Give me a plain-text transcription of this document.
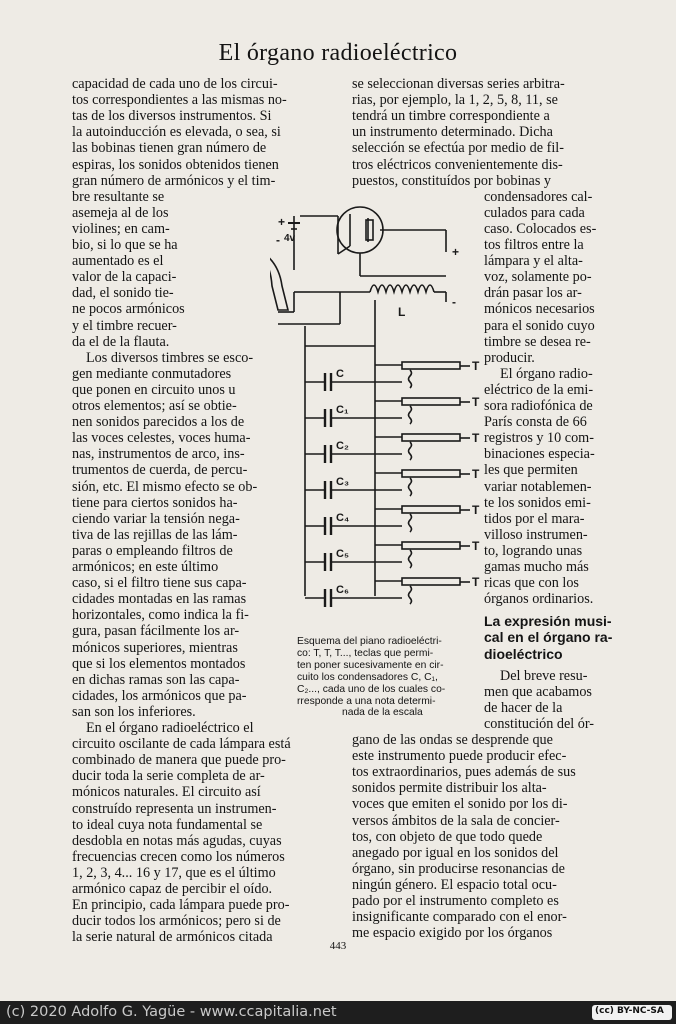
El órgano radioeléctrico
capacidad de cada uno de los circui-
tos correspondientes a las mismas no-
tas de los diversos instrumentos. Si
la autoinducción es elevada, o sea, si
las bobinas tienen gran número de
espiras, los sonidos obtenidos tienen
gran número de armónicos y el tim-
bre resultante se
asemeja al de los
violines; en cam-
bio, si lo que se ha
aumentado es el
valor de la capaci-
dad, el sonido tie-
ne pocos armónicos
y el timbre recuer-
da el de la flauta.
Los diversos timbres se esco-
gen mediante conmutadores
que ponen en circuito unos u
otros elementos; así se obtie-
nen sonidos parecidos a los de
las voces celestes, voces huma-
nas, instrumentos de arco, ins-
trumentos de cuerda, de percu-
sión, etc. El mismo efecto se ob-
tiene para ciertos sonidos ha-
ciendo variar la tensión nega-
tiva de las rejillas de las lám-
paras o empleando filtros de
armónicos; en este último
caso, si el filtro tiene sus capa-
cidades montadas en las ramas
horizontales, como indica la fi-
gura, pasan fácilmente los ar-
mónicos superiores, mientras
que si los elementos montados
en dichas ramas son las capa-
cidades, los armónicos que pa-
san son los inferiores.
En el órgano radioeléctrico el
circuito oscilante de cada lámpara está
combinado de manera que puede pro-
ducir toda la serie completa de ar-
mónicos naturales. El circuito así
construído representa un instrumen-
to ideal cuya nota fundamental se
desdobla en notas más agudas, cuyas
frecuencias crecen como los números
1, 2, 3, 4... 16 y 17, que es el último
armónico capaz de percibir el oído.
En principio, cada lámpara puede pro-
ducir todos los armónicos; pero si de
la serie natural de armónicos citada
se seleccionan diversas series arbitra-
rias, por ejemplo, la 1, 2, 5, 8, 11, se
tendrá un timbre correspondiente a
un instrumento determinado. Dicha
selección se efectúa por medio de fil-
tros eléctricos convenientemente dis-
puestos, constituídos por bobinas y
condensadores cal-
culados para cada
caso. Colocados es-
tos filtros entre la
lámpara y el alta-
voz, solamente po-
drán pasar los ar-
mónicos necesarios
para el sonido cuyo
timbre se desea re-
producir.
El órgano radio-
eléctrico de la emi-
sora radiofónica de
París consta de 66
registros y 10 com-
binaciones especia-
les que permiten
variar notablemen-
te los sonidos emi-
tidos por el mara-
villoso instrumen-
to, logrando unas
gamas mucho más
ricas que con los
órganos ordinarios.
La expresión musi-
cal en el órgano ra-
dioeléctrico
Del breve resu-
men que acabamos
de hacer de la
constitución del ór-
gano de las ondas se desprende que
este instrumento puede producir efec-
tos extraordinarios, pues además de sus
sonidos permite distribuir los alta-
voces que emiten el sonido por los di-
versos ámbitos de la sala de concier-
tos, con objeto de que todo quede
anegado por igual en los sonidos del
órgano, sin producirse resonancias de
ningún género. El espacio total ocu-
pado por el instrumento completo es
insignificante comparado con el enor-
me espacio exigido por los órganos
Esquema del piano radioeléctri-
co: T, T, T..., teclas que permi-
ten poner sucesivamente en cir-
cuito los condensadores C, C₁,
C₂..., cada uno de los cuales co-
rresponde a una nota determi-
nada de la escala
C
T
C₁
T
C₂
T
C₃
T
C₄
T
C₅
T
C₆
T
+
- 4v
+
-
L
443
(c) 2020 Adolfo G. Yagüe - www.ccapitalia.net	(cc) BY-NC-SA
